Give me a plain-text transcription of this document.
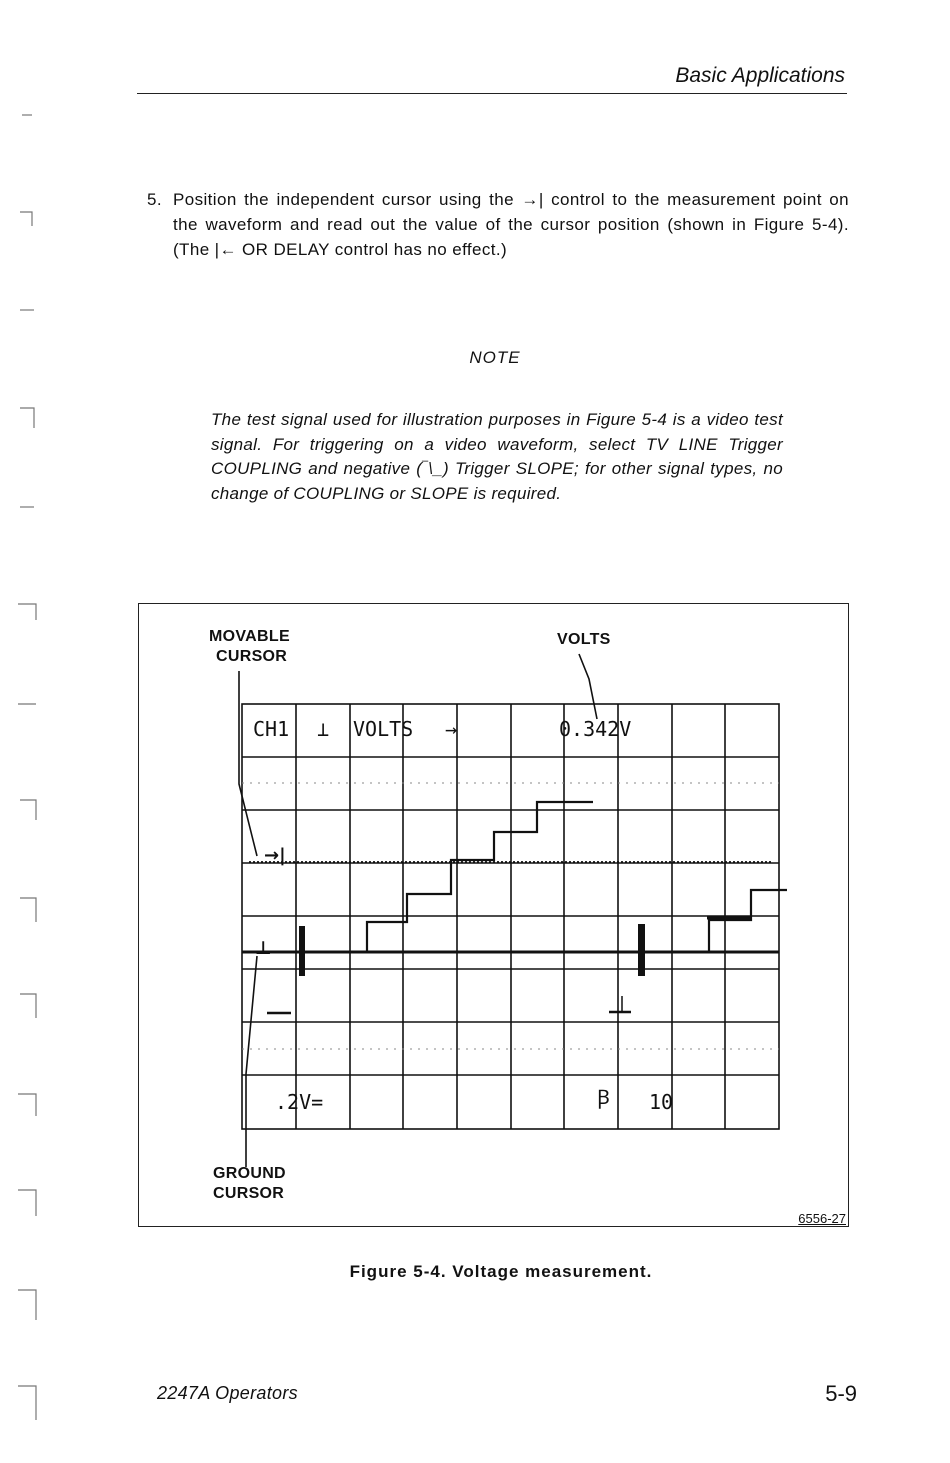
Basic Applications
5. Position the independent cursor using the →| control to the measurement point on the waveform and read out the value of the cursor position (shown in Figure 5-4). (The |← OR DELAY control has no effect.)
NOTE
The test signal used for illustration purposes in Figure 5-4 is a video test signal. For triggering on a video waveform, select TV LINE Trigger COUPLING and negative (‾\_) Trigger SLOPE; for other signal types, no change of COUPLING or SLOPE is required.
MOVABLE
CURSOR
VOLTS
GROUND
CURSOR
6556-27
→|
⊥
CH1 ⊥ VOLTS →	0.342V
.2V=	Ꞵ 10
Figure 5-4. Voltage measurement.
2247A Operators	5-9
